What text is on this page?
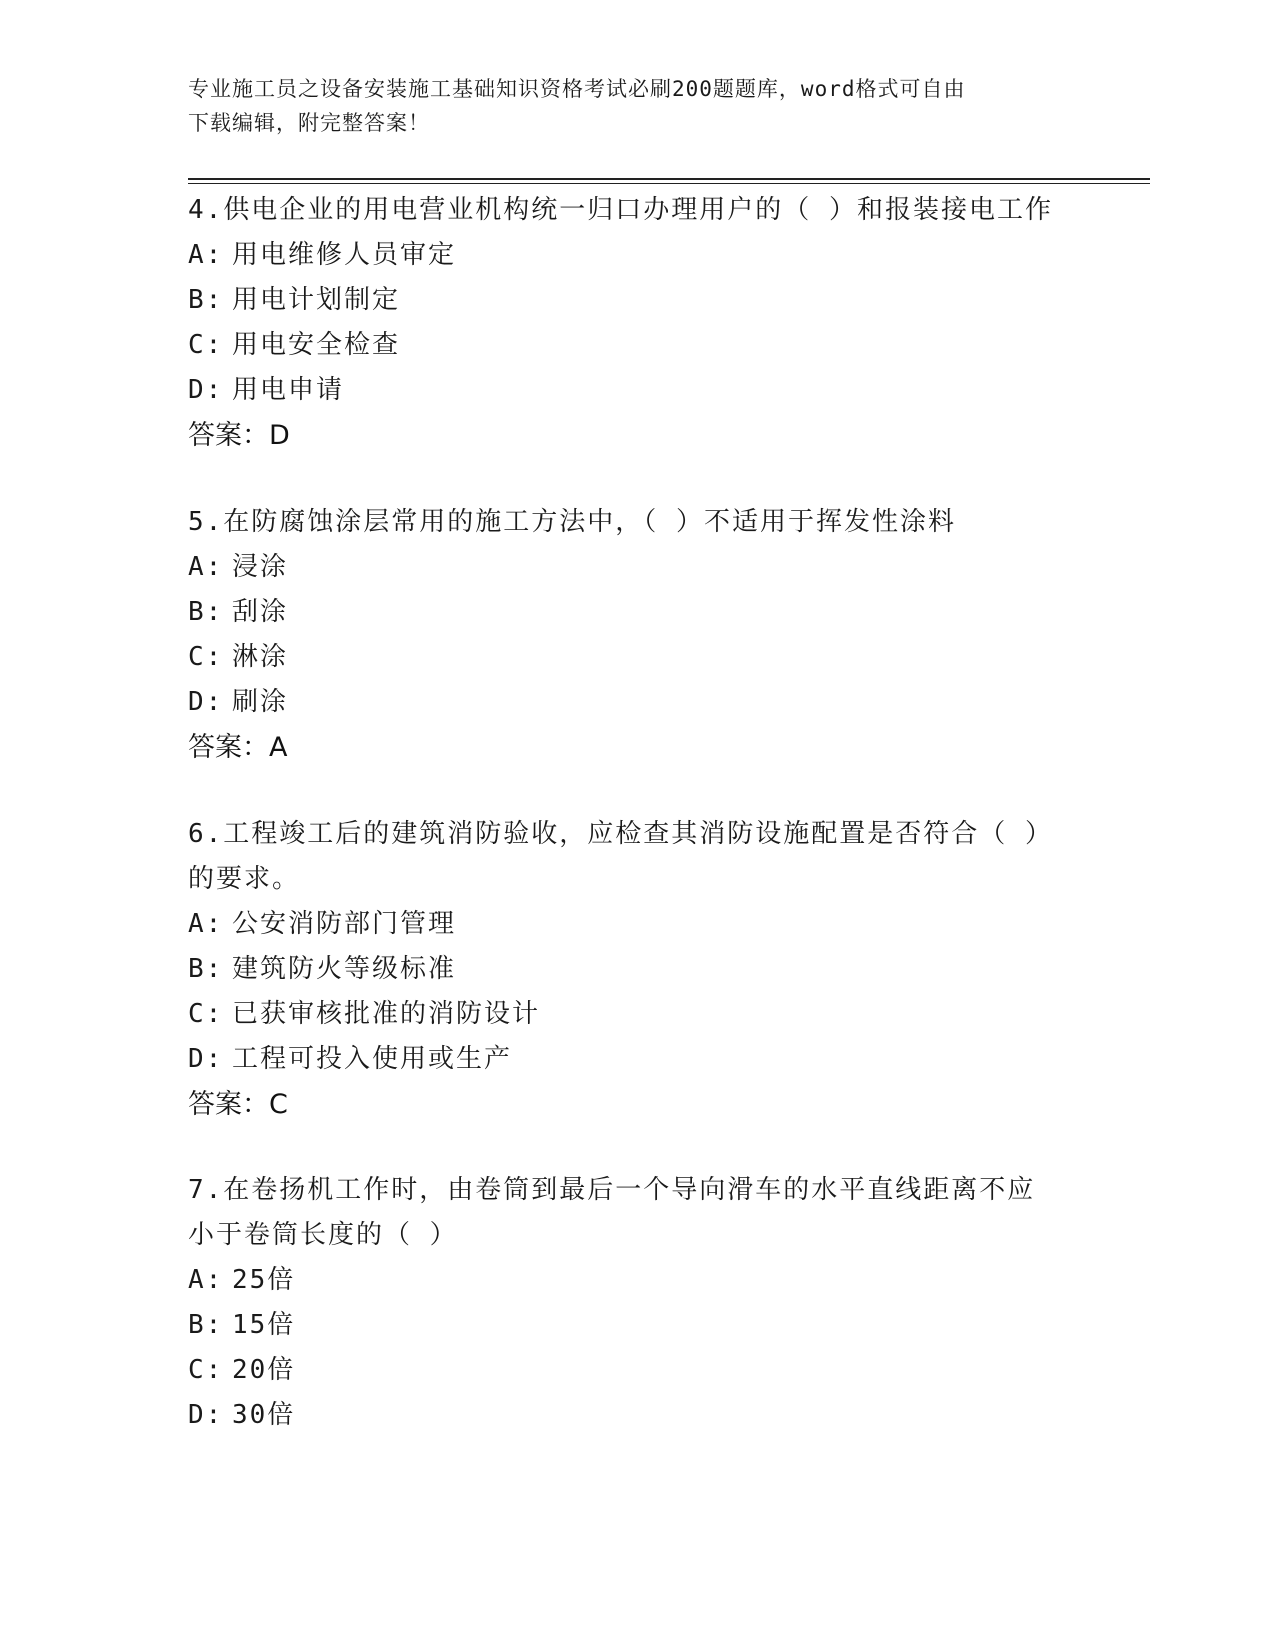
专业施工员之设备安装施工基础知识资格考试必刷200题题库，word格式可自由
下载编辑，附完整答案！

4.供电企业的用电营业机构统一归口办理用户的（ ）和报装接电工作

A: 用电维修人员审定

B: 用电计划制定

C: 用电安全检查

D: 用电申请

答案：D

5.在防腐蚀涂层常用的施工方法中，（ ）不适用于挥发性涂料

A: 浸涂

B: 刮涂

C: 淋涂

D: 刷涂

答案：A

6.工程竣工后的建筑消防验收，应检查其消防设施配置是否符合（ ）

的要求。

A: 公安消防部门管理

B: 建筑防火等级标准

C: 已获审核批准的消防设计

D: 工程可投入使用或生产

答案：C

7.在卷扬机工作时，由卷筒到最后一个导向滑车的水平直线距离不应

小于卷筒长度的（ ）

A: 25倍

B: 15倍

C: 20倍

D: 30倍
